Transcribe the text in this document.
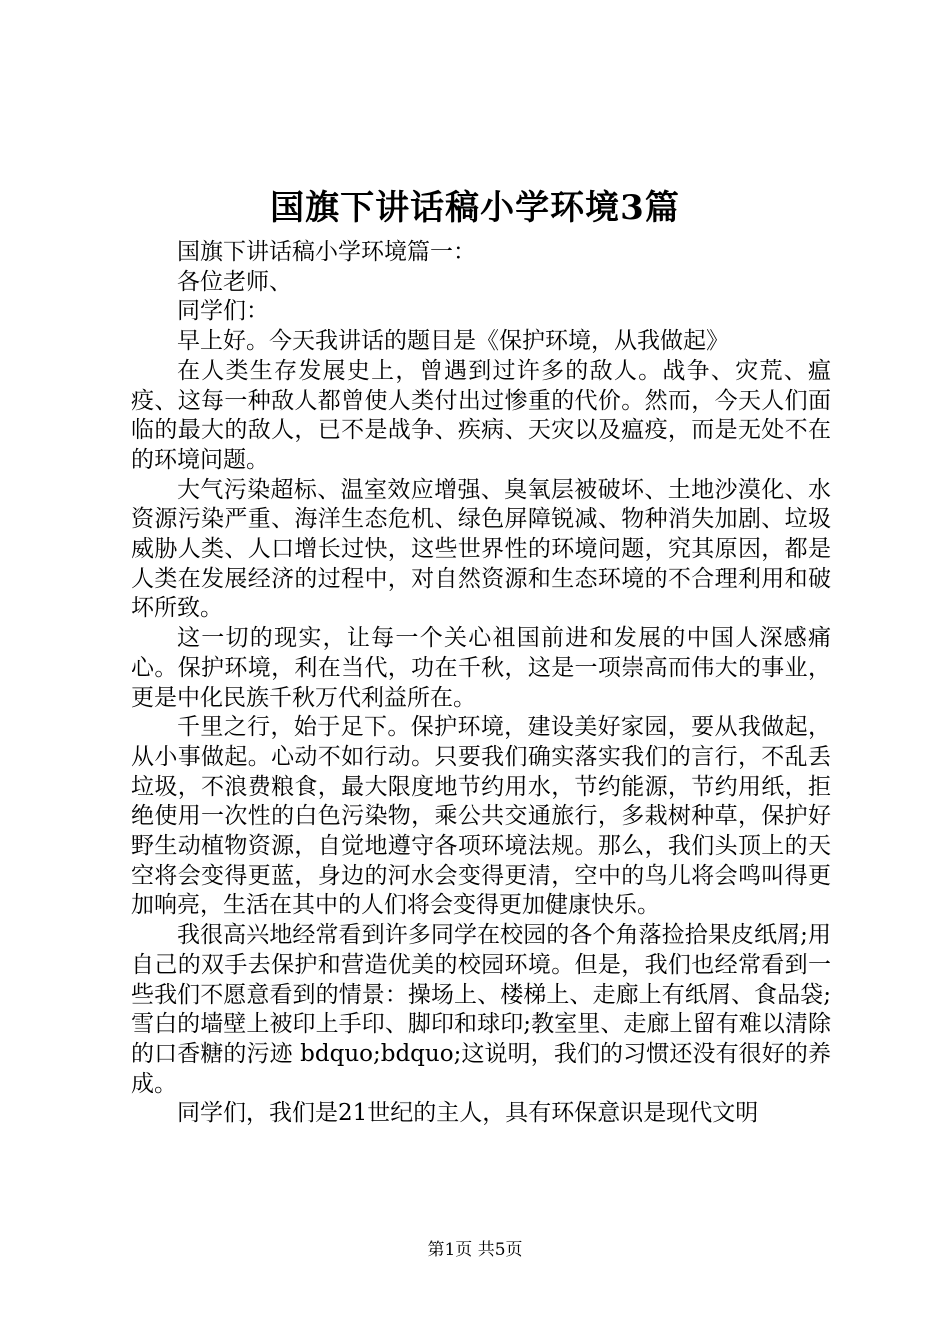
国旗下讲话稿小学环境3篇

国旗下讲话稿小学环境篇一：

各位老师、

同学们：

早上好。今天我讲话的题目是《保护环境，从我做起》

在人类生存发展史上，曾遇到过许多的敌人。战争、灾荒、瘟疫、这每一种敌人都曾使人类付出过惨重的代价。然而，今天人们面临的最大的敌人，已不是战争、疾病、天灾以及瘟疫，而是无处不在的环境问题。

大气污染超标、温室效应增强、臭氧层被破坏、土地沙漠化、水资源污染严重、海洋生态危机、绿色屏障锐减、物种消失加剧、垃圾威胁人类、人口增长过快，这些世界性的环境问题，究其原因，都是人类在发展经济的过程中，对自然资源和生态环境的不合理利用和破坏所致。

这一切的现实，让每一个关心祖国前进和发展的中国人深感痛心。保护环境，利在当代，功在千秋，这是一项崇高而伟大的事业，更是中化民族千秋万代利益所在。

千里之行，始于足下。保护环境，建设美好家园，要从我做起，从小事做起。心动不如行动。只要我们确实落实我们的言行，不乱丢垃圾，不浪费粮食，最大限度地节约用水，节约能源，节约用纸，拒绝使用一次性的白色污染物，乘公共交通旅行，多栽树种草，保护好野生动植物资源，自觉地遵守各项环境法规。那么，我们头顶上的天空将会变得更蓝，身边的河水会变得更清，空中的鸟儿将会鸣叫得更加响亮，生活在其中的人们将会变得更加健康快乐。

我很高兴地经常看到许多同学在校园的各个角落捡拾果皮纸屑;用自己的双手去保护和营造优美的校园环境。但是，我们也经常看到一些我们不愿意看到的情景：操场上、楼梯上、走廊上有纸屑、食品袋;雪白的墙壁上被印上手印、脚印和球印;教室里、走廊上留有难以清除的口香糖的污迹 bdquo;bdquo;这说明，我们的习惯还没有很好的养成。

同学们，我们是21世纪的主人，具有环保意识是现代文明

第1页 共5页
